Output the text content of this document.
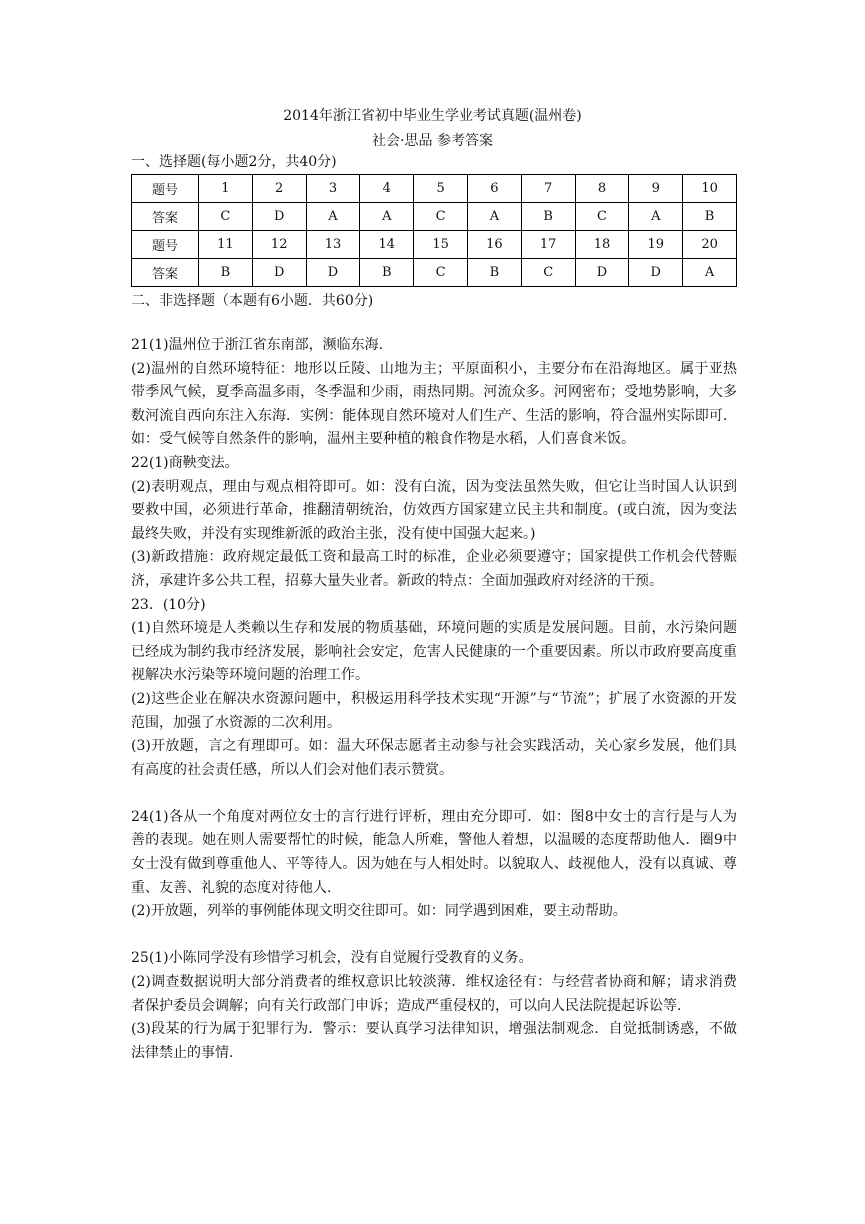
2014年浙江省初中毕业生学业考试真题(温州卷)
社会·思品 参考答案
一、选择题(每小题2分，共40分)
题号	1	2	3	4	5	6	7	8	9	10
答案	C	D	A	A	C	A	B	C	A	B
题号	11	12	13	14	15	16	17	18	19	20
答案	B	D	D	B	C	B	C	D	D	A
二、非选择题（本题有6小题．共60分)

21(1)温州位于浙江省东南部，濒临东海.

(2)温州的自然环境特征：地形以丘陵、山地为主；平原面积小，主要分布在沿海地区。属于亚热带季风气候，夏季高温多雨，冬季温和少雨，雨热同期。河流众多。河网密布；受地势影响，大多数河流自西向东注入东海．实例：能体现自然环境对人们生产、生活的影响，符合温州实际即可．如：受气候等自然条件的影响，温州主要种植的粮食作物是水稻，人们喜食米饭。

22(1)商鞅变法。

(2)表明观点，理由与观点相符即可。如：没有白流，因为变法虽然失败，但它让当时国人认识到要救中国，必须进行革命，推翻清朝统治，仿效西方国家建立民主共和制度。(或白流，因为变法最终失败，并没有实现维新派的政治主张，没有使中国强大起来。)

(3)新政措施：政府规定最低工资和最高工时的标准，企业必须要遵守；国家提供工作机会代替赈济，承建许多公共工程，招募大量失业者。新政的特点：全面加强政府对经济的干预。

23．(10分)

(1)自然环境是人类赖以生存和发展的物质基础，环境问题的实质是发展问题。目前，水污染问题已经成为制约我市经济发展，影响社会安定，危害人民健康的一个重要因素。所以市政府要高度重视解决水污染等环境问题的治理工作。

(2)这些企业在解决水资源问题中，积极运用科学技术实现“开源”与“节流”；扩展了水资源的开发范围，加强了水资源的二次利用。

(3)开放题，言之有理即可。如：温大环保志愿者主动参与社会实践活动，关心家乡发展，他们具有高度的社会责任感，所以人们会对他们表示赞赏。

24(1)各从一个角度对两位女士的言行进行评析，理由充分即可．如：图8中女士的言行是与人为善的表现。她在则人需要帮忙的时候，能急人所难，警他人着想，以温暖的态度帮助他人．圈9中女士没有做到尊重他人、平等待人。因为她在与人相处时。以貌取人、歧视他人，没有以真诚、尊重、友善、礼貌的态度对待他人.

(2)开放题，列举的事例能体现文明交往即可。如：同学遇到困难，要主动帮助。

25(1)小陈同学没有珍惜学习机会，没有自觉履行受教育的义务。

(2)调查数据说明大部分消费者的维权意识比较淡薄．维权途径有：与经营者协商和解；请求消费者保护委员会调解；向有关行政部门申诉；造成严重侵权的，可以向人民法院提起诉讼等.

(3)段某的行为属于犯罪行为．警示：要认真学习法律知识，增强法制观念．自觉抵制诱惑，不做法律禁止的事情.
